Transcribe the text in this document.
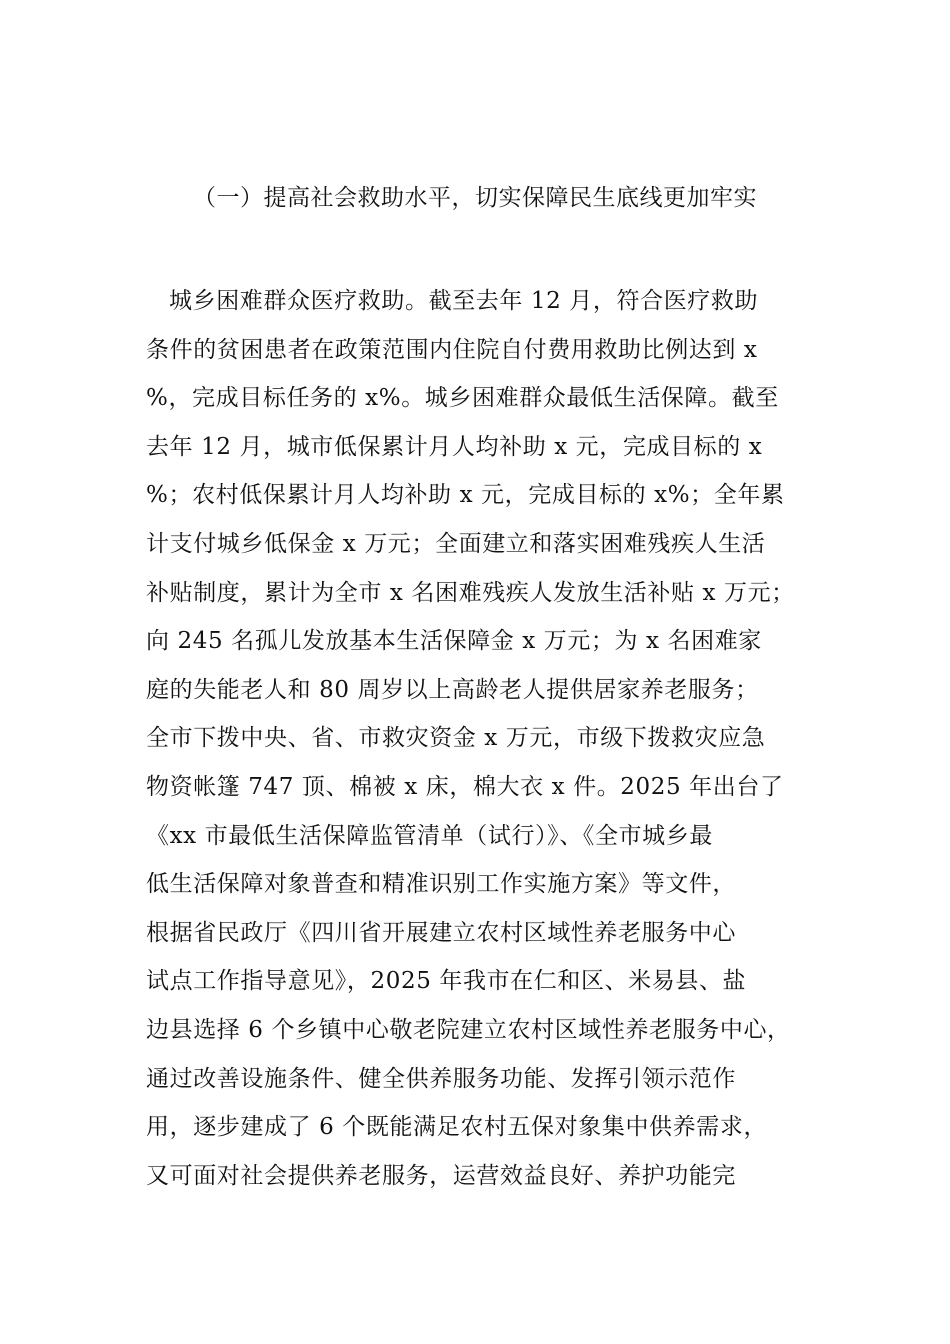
（一）提高社会救助水平，切实保障民生底线更加牢实
城乡困难群众医疗救助。截至去年 12 月，符合医疗救助
条件的贫困患者在政策范围内住院自付费用救助比例达到 x
%，完成目标任务的 x%。城乡困难群众最低生活保障。截至
去年 12 月，城市低保累计月人均补助 x 元，完成目标的 x
%；农村低保累计月人均补助 x 元，完成目标的 x%；全年累
计支付城乡低保金 x 万元；全面建立和落实困难残疾人生活
补贴制度，累计为全市 x 名困难残疾人发放生活补贴 x 万元；
向 245 名孤儿发放基本生活保障金 x 万元；为 x 名困难家
庭的失能老人和 80 周岁以上高龄老人提供居家养老服务；
全市下拨中央、省、市救灾资金 x 万元，市级下拨救灾应急
物资帐篷 747 顶、棉被 x 床，棉大衣 x 件。2025 年出台了
《xx 市最低生活保障监管清单（试行）》、《全市城乡最
低生活保障对象普查和精准识别工作实施方案》等文件，
根据省民政厅《四川省开展建立农村区域性养老服务中心
试点工作指导意见》，2025 年我市在仁和区、米易县、盐
边县选择 6 个乡镇中心敬老院建立农村区域性养老服务中心，
通过改善设施条件、健全供养服务功能、发挥引领示范作
用，逐步建成了 6 个既能满足农村五保对象集中供养需求，
又可面对社会提供养老服务，运营效益良好、养护功能完
